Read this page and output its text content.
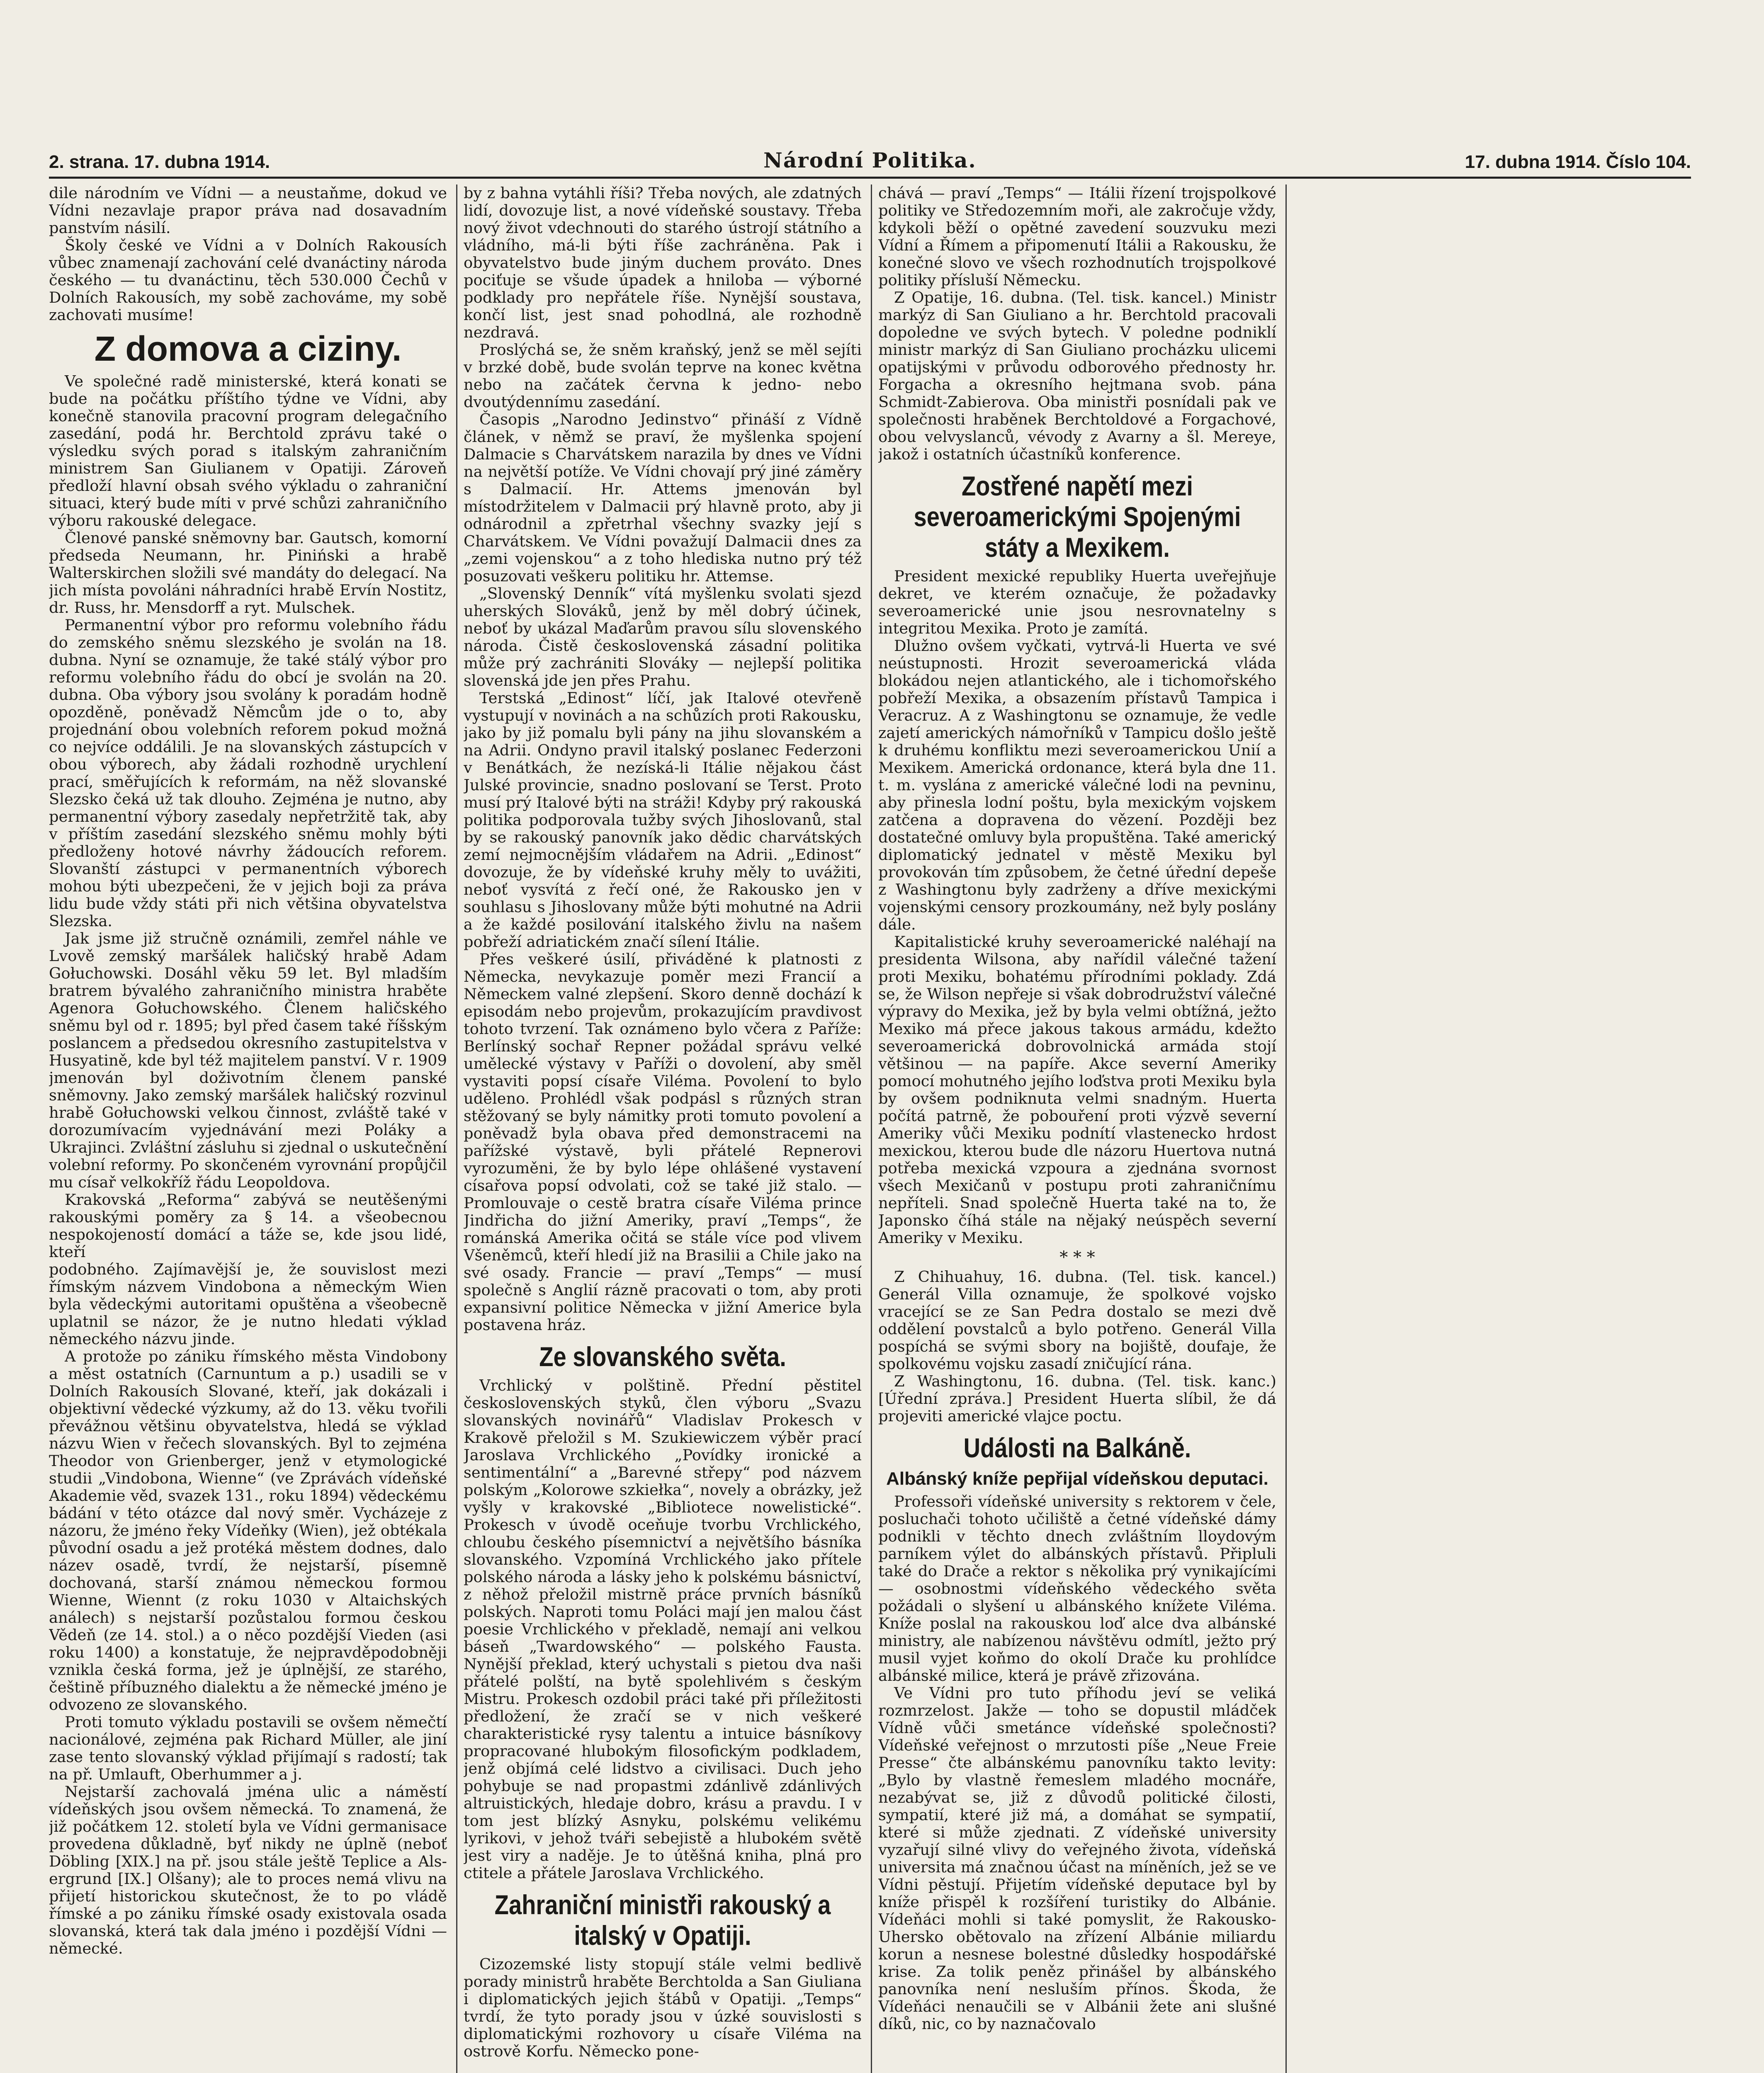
2. strana. 17. dubna 1914.	Národní Politika.	17. dubna 1914. Číslo 104.

dile národním ve Vídni — a neustaňme, dokud ve Vídni nezavlaje prapor práva nad dosavadním panstvím násilí.

Školy české ve Vídni a v Dolních Rakousích vůbec znamenají zachování celé dvanáctiny národa českého — tu dvanáctinu, těch 530.000 Čechů v Dolních Rakousích, my sobě zachováme, my sobě zachovati musíme!

Z domova a ciziny.

Ve společné radě ministerské, která konati se bude na počátku příštího týdne ve Vídni, aby konečně stanovila pracovní program delegačního zasedání, podá hr. Berchtold zprávu také o výsledku svých porad s italským zahraničním ministrem San Giulianem v Opatiji. Zároveň předloží hlavní obsah svého výkladu o zahraniční situaci, který bude míti v prvé schůzi zahraničního výboru rakouské delegace.

Členové panské sněmovny bar. Gautsch, komorní předseda Neumann, hr. Piniński a hrabě Walterskirchen složili své mandáty do delegací. Na jich místa povoláni náhradníci hrabě Ervín Nostitz, dr. Russ, hr. Mensdorff a ryt. Mulschek.

Permanentní výbor pro reformu volebního řádu do zemského sněmu slezského je svolán na 18. dubna. Nyní se oznamuje, že také stálý výbor pro reformu volebního řádu do obcí je svolán na 20. dubna. Oba výbory jsou svolány k poradám hodně opozděně, poněvadž Němcům jde o to, aby projednání obou volebních reforem pokud možná co nejvíce oddálili. Je na slovanských zástupcích v obou výborech, aby žádali rozhodně urychlení prací, směřujících k reformám, na něž slovanské Slezsko čeká už tak dlouho. Zejména je nutno, aby permanentní výbory zasedaly nepřetržitě tak, aby v příštím zasedání slezského sněmu mohly býti předloženy hotové návrhy žádoucích reforem. Slovanští zástupci v permanentních výborech mohou býti ubezpečeni, že v jejich boji za práva lidu bude vždy státi při nich většina obyvatelstva Slezska.

Jak jsme již stručně oznámili, zemřel náhle ve Lvově zemský maršálek haličský hrabě Adam Gołuchowski. Dosáhl věku 59 let. Byl mladším bratrem bývalého zahraničního ministra hraběte Agenora Gołuchowského. Členem haličského sněmu byl od r. 1895; byl před časem také říšským poslancem a předsedou okresního zastupitelstva v Husyatině, kde byl též majitelem panství. V r. 1909 jmenován byl doživotním členem panské sněmovny. Jako zemský maršálek haličský rozvinul hrabě Gołuchowski velkou činnost, zvláště také v dorozumívacím vyjednávání mezi Poláky a Ukrajinci. Zvláštní zásluhu si zjednal o uskutečnění volební reformy. Po skončeném vyrovnání propůjčil mu císař velkokříž řádu Leopoldova.

Krakovská „Reforma“ zabývá se neutěšenými rakouskými poměry za § 14. a všeobecnou nespokojeností domácí a táže se, kde jsou lidé, kteří

podobného. Zajímavější je, že souvislost mezi římským názvem Vindobona a německým Wien byla vědeckými autoritami opuštěna a všeobecně uplatnil se názor, že je nutno hledati výklad německého názvu jinde.

A protože po zániku římského města Vindobony a měst ostatních (Carnuntum a p.) usadili se v Dolních Rakousích Slované, kteří, jak dokázali i objektivní vědecké výzkumy, až do 13. věku tvořili převážnou většinu obyvatelstva, hledá se výklad názvu Wien v řečech slovanských. Byl to zejména Theodor von Grienberger, jenž v etymologické studii „Vindobona, Wienne“ (ve Zprávách vídeňské Akademie věd, svazek 131., roku 1894) vědeckému bádání v této otázce dal nový směr. Vycházeje z názoru, že jméno řeky Vídeňky (Wien), jež obtékala původní osadu a jež protéká městem dodnes, dalo název osadě, tvrdí, že nejstarší, písemně dochovaná, starší známou německou formou Wienne, Wiennt (z roku 1030 v Altaichských análech) s nejstarší pozůstalou formou českou Vědeň (ze 14. stol.) a o něco pozdější Vieden (asi roku 1400) a konstatuje, že nejpravděpodobněji vznikla česká forma, jež je úplnější, ze starého, češtině příbuzného dialektu a že německé jméno je odvozeno ze slovanského.

Proti tomuto výkladu postavili se ovšem němečtí nacionálové, zejména pak Richard Müller, ale jiní zase tento slovanský výklad přijímají s radostí; tak na př. Umlauft, Oberhummer a j.

Nejstarší zachovalá jména ulic a náměstí vídeňských jsou ovšem německá. To znamená, že již počátkem 12. století byla ve Vídni germanisace provedena důkladně, byť nikdy ne úplně (neboť Döbling [XIX.] na př. jsou stále ještě Teplice a Als-ergrund [IX.] Olšany); ale to proces nemá vlivu na přijetí historickou skutečnost, že to po vládě římské a po zániku římské osady existovala osada slovanská, která tak dala jméno i pozdější Vídni — německé.

by z bahna vytáhli říši? Třeba nových, ale zdatných lidí, dovozuje list, a nové vídeňské soustavy. Třeba nový život vdechnouti do starého ústrojí státního a vládního, má-li býti říše zachráněna. Pak i obyvatelstvo bude jiným duchem prováto. Dnes pociťuje se všude úpadek a hniloba — výborné podklady pro nepřátele říše. Nynější soustava, končí list, jest snad pohodlná, ale rozhodně nezdravá.

Proslýchá se, že sněm kraňský, jenž se měl sejíti v brzké době, bude svolán teprve na konec května nebo na začátek června k jedno- nebo dvoutýdennímu zasedání.

Časopis „Narodno Jedinstvo“ přináší z Vídně článek, v němž se praví, že myšlenka spojení Dalmacie s Charvátskem narazila by dnes ve Vídni na největší potíže. Ve Vídni chovají prý jiné záměry s Dalmacií. Hr. Attems jmenován byl místodržitelem v Dalmacii prý hlavně proto, aby ji odnárodnil a zpřetrhal všechny svazky její s Charvátskem. Ve Vídni považují Dalmacii dnes za „zemi vojenskou“ a z toho hlediska nutno prý též posuzovati veškeru politiku hr. Attemse.

„Slovenský Denník“ vítá myšlenku svolati sjezd uherských Slováků, jenž by měl dobrý účinek, neboť by ukázal Maďarům pravou sílu slovenského národa. Čistě československá zásadní politika může prý zachrániti Slováky — nejlepší politika slovenská jde jen přes Prahu.

Terstská „Edinost“ líčí, jak Italové otevřeně vystupují v novinách a na schůzích proti Rakousku, jako by již pomalu byli pány na jihu slovanském a na Adrii. Ondyno pravil italský poslanec Federzoni v Benátkách, že nezíská-li Itálie nějakou část Julské provincie, snadno poslovaní se Terst. Proto musí prý Italové býti na stráži! Kdyby prý rakouská politika podporovala tužby svých Jihoslovanů, stal by se rakouský panovník jako dědic charvátských zemí nejmocnějším vládařem na Adrii. „Edinost“ dovozuje, že by vídeňské kruhy měly to uvážiti, neboť vysvítá z řečí oné, že Rakousko jen v souhlasu s Jihoslovany může býti mohutné na Adrii a že každé posilování italského živlu na našem pobřeží adriatickém značí sílení Itálie.

Přes veškeré úsilí, přiváděné k platnosti z Německa, nevykazuje poměr mezi Francií a Německem valné zlepšení. Skoro denně dochází k episodám nebo projevům, prokazujícím pravdivost tohoto tvrzení. Tak oznámeno bylo včera z Paříže: Berlínský sochař Repner požádal správu velké umělecké výstavy v Paříži o dovolení, aby směl vystaviti popsí císaře Viléma. Povolení to bylo uděleno. Prohlédl však podpásl s různých stran stěžovaný se byly námitky proti tomuto povolení a poněvadž byla obava před demonstracemi na pařížské výstavě, byli přátelé Repnerovi vyrozuměni, že by bylo lépe ohlášené vystavení císařova popsí odvolati, což se také již stalo. — Promlouvaje o cestě bratra císaře Viléma prince Jindřicha do jižní Ameriky, praví „Temps“, že románská Amerika očitá se stále více pod vlivem Všeněmců, kteří hledí již na Brasilii a Chile jako na své osady. Francie — praví „Temps“ — musí společně s Anglií rázně pracovati o tom, aby proti expansivní politice Německa v jižní Americe byla postavena hráz.

Ze slovanského světa.

Vrchlický v polštině. Přední pěstitel československých styků, člen výboru „Svazu slovanských novinářů“ Vladislav Prokesch v Krakově přeložil s M. Szukiewiczem výběr prací Jaroslava Vrchlického „Povídky ironické a sentimentální“ a „Barevné střepy“ pod názvem polským „Kolorowe szkiełka“, novely a obrázky, jež vyšly v krakovské „Bibliotece nowelistické“. Prokesch v úvodě oceňuje tvorbu Vrchlického, chloubu českého písemnictví a největšího básníka slovanského. Vzpomíná Vrchlického jako přítele polského národa a lásky jeho k polskému básnictví, z něhož přeložil mistrně práce prvních básníků polských. Naproti tomu Poláci mají jen malou část poesie Vrchlického v překladě, nemají ani velkou báseň „Twardowského“ — polského Fausta. Nynější překlad, který uchystali s pietou dva naši přátelé polští, na bytě spolehlivém s českým Mistru. Prokesch ozdobil práci také při příležitosti předložení, že zračí se v nich veškeré charakteristické rysy talentu a intuice básníkovy propracované hlubokým filosofickým podkladem, jenž objímá celé lidstvo a civilisaci. Duch jeho pohybuje se nad propastmi zdánlivě zdánlivých altruistických, hledaje dobro, krásu a pravdu. I v tom jest blízký Asnyku, polskému velikému lyrikovi, v jehož tváři sebejistě a hlubokém světě jest viry a naděje. Je to útěšná kniha, plná pro ctitele a přátele Jaroslava Vrchlického.

Zahraniční ministři rakouský a italský v Opatiji.

Cizozemské listy stopují stále velmi bedlivě porady ministrů hraběte Berchtolda a San Giuliana i diplomatických jejich štábů v Opatiji. „Temps“ tvrdí, že tyto porady jsou v úzké souvislosti s diplomatickými rozhovory u císaře Viléma na ostrově Korfu. Německo pone-

chává — praví „Temps“ — Itálii řízení trojspolkové politiky ve Středozemním moři, ale zakročuje vždy, kdykoli běží o opětné zavedení souzvuku mezi Vídní a Římem a připomenutí Itálii a Rakousku, že konečné slovo ve všech rozhodnutích trojspolkové politiky přísluší Německu.

Z Opatije, 16. dubna. (Tel. tisk. kancel.) Ministr markýz di San Giuliano a hr. Berchtold pracovali dopoledne ve svých bytech. V poledne podniklí ministr markýz di San Giuliano procházku ulicemi opatijskými v průvodu odborového přednosty hr. Forgacha a okresního hejtmana svob. pána Schmidt-Zabierova. Oba ministři posnídali pak ve společnosti hraběnek Berchtoldové a Forgachové, obou velvyslanců, vévody z Avarny a šl. Mereye, jakož i ostatních účastníků konference.

Zostřené napětí mezi severoamerickými Spojenými státy a Mexikem.

President mexické republiky Huerta uveřejňuje dekret, ve kterém označuje, že požadavky severoamerické unie jsou nesrovnatelny s integritou Mexika. Proto je zamítá.

Dlužno ovšem vyčkati, vytrvá-li Huerta ve své neústupnosti. Hrozit severoamerická vláda blokádou nejen atlantického, ale i tichomořského pobřeží Mexika, a obsazením přístavů Tampica i Veracruz. A z Washingtonu se oznamuje, že vedle zajetí amerických námořníků v Tampicu došlo ještě k druhému konfliktu mezi severoamerickou Unií a Mexikem. Americká ordonance, která byla dne 11. t. m. vyslána z americké válečné lodi na pevninu, aby přinesla lodní poštu, byla mexickým vojskem zatčena a dopravena do vězení. Později bez dostatečné omluvy byla propuštěna. Také americký diplomatický jednatel v městě Mexiku byl provokován tím způsobem, že četné úřední depeše z Washingtonu byly zadrženy a dříve mexickými vojenskými censory prozkoumány, než byly poslány dále.

Kapitalistické kruhy severoamerické naléhají na presidenta Wilsona, aby nařídil válečné tažení proti Mexiku, bohatému přírodními poklady. Zdá se, že Wilson nepřeje si však dobrodružství válečné výpravy do Mexika, jež by byla velmi obtížná, ježto Mexiko má přece jakous takous armádu, kdežto severoamerická dobrovolnická armáda stojí většinou — na papíře. Akce severní Ameriky pomocí mohutného jejího loďstva proti Mexiku byla by ovšem podniknuta velmi snadným. Huerta počítá patrně, že pobouření proti výzvě severní Ameriky vůči Mexiku podnítí vlastenecko hrdost mexickou, kterou bude dle názoru Huertova nutná potřeba mexická vzpoura a zjednána svornost všech Mexičanů v postupu proti zahraničnímu nepříteli. Snad společně Huerta také na to, že Japonsko číhá stále na nějaký neúspěch severní Ameriky v Mexiku.

* * *

Z Chihuahuy, 16. dubna. (Tel. tisk. kancel.) Generál Villa oznamuje, že spolkové vojsko vracející se ze San Pedra dostalo se mezi dvě oddělení povstalců a bylo potřeno. Generál Villa pospíchá se svými sbory na bojiště, doufaje, že spolkovému vojsku zasadí zničující rána.

Z Washingtonu, 16. dubna. (Tel. tisk. kanc.) [Úřední zpráva.] President Huerta slíbil, že dá projeviti americké vlajce poctu.

Události na Balkáně.
Albánský kníže pepřijal vídeňskou deputaci.

Professoři vídeňské university s rektorem v čele, posluchači tohoto učiliště a četné vídeňské dámy podnikli v těchto dnech zvláštním lloydovým parníkem výlet do albánských přístavů. Připluli také do Drače a rektor s několika prý vynikajícími — osobnostmi vídeňského vědeckého světa požádali o slyšení u albánského knížete Viléma. Kníže poslal na rakouskou loď alce dva albánské ministry, ale nabízenou návštěvu odmítl, ježto prý musil vyjet koňmo do okolí Drače ku prohlídce albánské milice, která je právě zřizována.

Ve Vídni pro tuto příhodu jeví se veliká rozmrzelost. Jakže — toho se dopustil mládček Vídně vůči smetánce vídeňské společnosti? Vídeňské veřejnost o mrzutosti píše „Neue Freie Presse“ čte albánskému panovníku takto levity: „Bylo by vlastně řemeslem mladého mocnáře, nezabývat se, již z důvodů politické čilosti, sympatií, které již má, a domáhat se sympatií, které si může zjednati. Z vídeňské university vyzařují silné vlivy do veřejného života, vídeňská universita má značnou účast na míněních, jež se ve Vídni pěstují. Přijetím vídeňské deputace byl by kníže přispěl k rozšíření turistiky do Albánie. Vídeňáci mohli si také pomyslit, že Rakousko-Uhersko obětovalo na zřízení Albánie miliardu korun a nesnese bolestné důsledky hospodářské krise. Za tolik peněz přinášel by albánského panovníka není nesluším přínos. Škoda, že Vídeňáci nenaučili se v Albánii žete ani slušné díků, nic, co by naznačovalo
